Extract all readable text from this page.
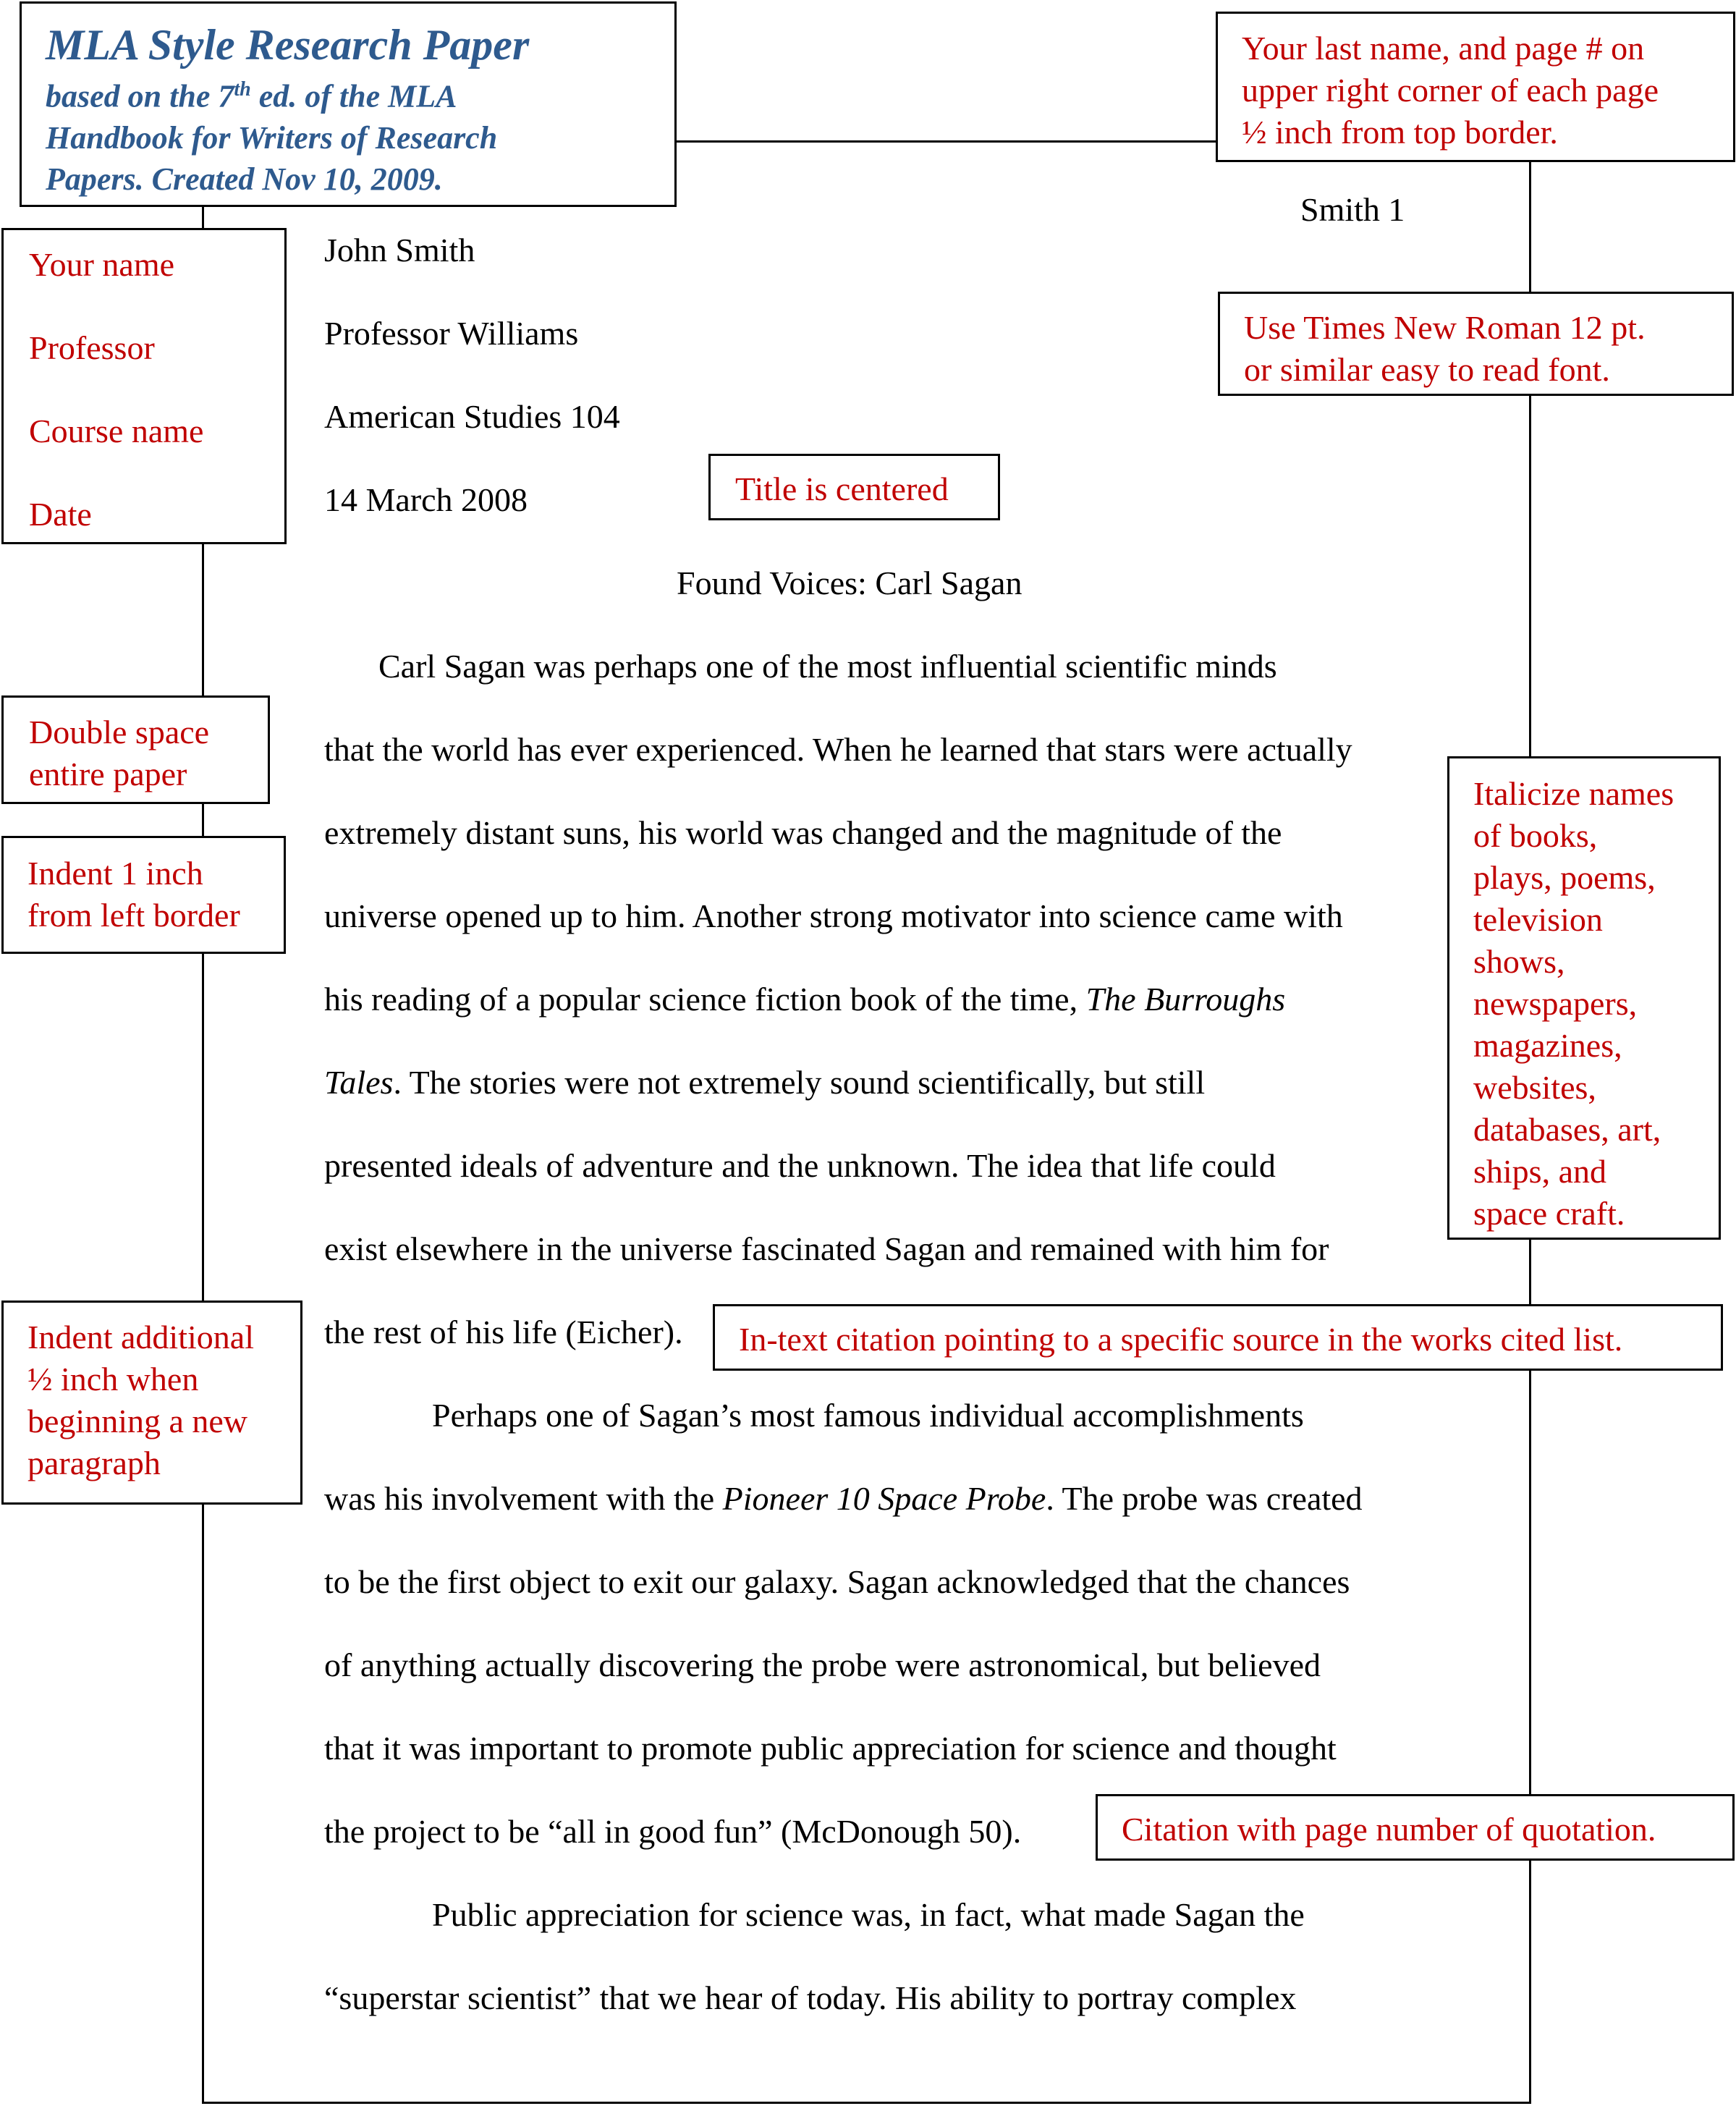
MLA Style Research Paper
based on the 7th ed. of the MLA
Handbook for Writers of Research
Papers. Created Nov 10, 2009.
Your last name, and page # on
upper right corner of each page
½ inch from top border.
Use Times New Roman 12 pt.
or similar easy to read font.
Your name
Professor
Course name
Date
Title is centered
Double space
entire paper
Indent 1 inch
from left border
Indent additional
½ inch when
beginning a new
paragraph
Italicize names
of books,
plays, poems,
television
shows,
newspapers,
magazines,
websites,
databases, art,
ships, and
space craft.
In-text citation pointing to a specific source in the works cited list.
Citation with page number of quotation.
Smith 1
John Smith
Professor Williams
American Studies 104
14 March 2008
Found Voices: Carl Sagan
Carl Sagan was perhaps one of the most influential scientific minds
that the world has ever experienced. When he learned that stars were actually
extremely distant suns, his world was changed and the magnitude of the
universe opened up to him. Another strong motivator into science came with
his reading of a popular science fiction book of the time, The Burroughs
Tales. The stories were not extremely sound scientifically, but still
presented ideals of adventure and the unknown. The idea that life could
exist elsewhere in the universe fascinated Sagan and remained with him for
the rest of his life (Eicher).
Perhaps one of Sagan’s most famous individual accomplishments
was his involvement with the Pioneer 10 Space Probe. The probe was created
to be the first object to exit our galaxy. Sagan acknowledged that the chances
of anything actually discovering the probe were astronomical, but believed
that it was important to promote public appreciation for science and thought
the project to be “all in good fun” (McDonough 50).
Public appreciation for science was, in fact, what made Sagan the
“superstar scientist” that we hear of today. His ability to portray complex
